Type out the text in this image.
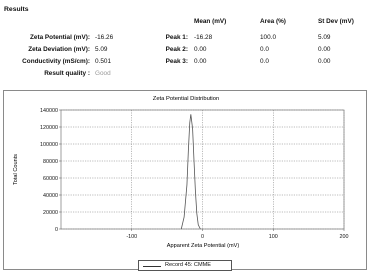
Results
Mean (mV)	Area (%)	St Dev (mV)
Zeta Potential (mV): -16.26
Zeta Deviation (mV): 5.09
Conductivity (mS/cm): 0.501
Result quality : Good
Peak 1: -16.28	100.0	5.09
Peak 2: 0.00	0.0	0.00
Peak 3: 0.00	0.0	0.00
Zeta Potential Distribution
0
20000
40000
60000
80000
100000
120000
140000
-100	0	100	200
Apparent Zeta Potential (mV)
Total Counts
Record 45: CMME
